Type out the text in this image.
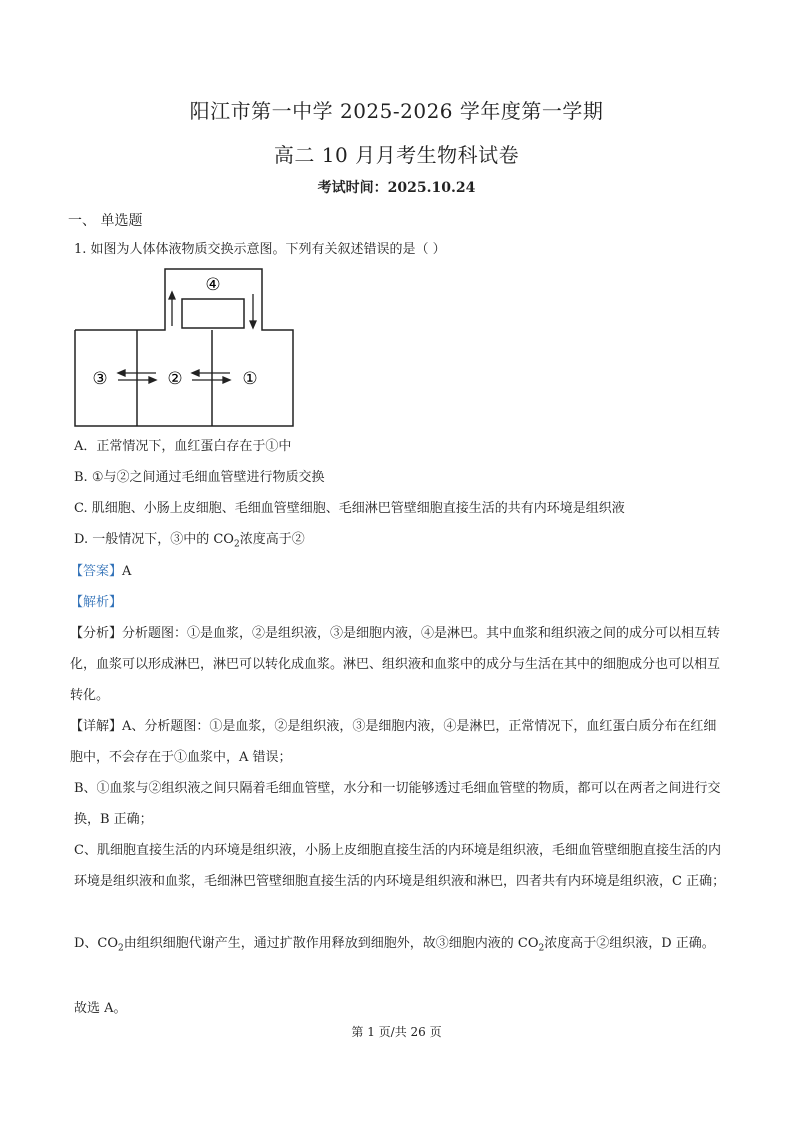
阳江市第一中学 2025-2026 学年度第一学期
高二 10 月月考生物科试卷
考试时间：2025.10.24
一、 单选题
1. 如图为人体体液物质交换示意图。下列有关叙述错误的是（ ）
④
③	②	①
A．正常情况下，血红蛋白存在于①中
B. ①与②之间通过毛细血管壁进行物质交换
C. 肌细胞、小肠上皮细胞、毛细血管壁细胞、毛细淋巴管壁细胞直接生活的共有内环境是组织液
D. 一般情况下，③中的 $CO_2$浓度高于②
【答案】A
【解析】
【分析】分析题图：①是血浆，②是组织液，③是细胞内液，④是淋巴。其中血浆和组织液之间的成分可以相互转化，血浆可以形成淋巴，淋巴可以转化成血浆。淋巴、组织液和血浆中的成分与生活在其中的细胞成分也可以相互转化。
【详解】A、分析题图：①是血浆，②是组织液，③是细胞内液，④是淋巴，正常情况下，血红蛋白质分布在红细胞中，不会存在于①血浆中，A 错误；
B、①血浆与②组织液之间只隔着毛细血管壁，水分和一切能够透过毛细血管壁的物质，都可以在两者之间进行交换，B 正确；
C、肌细胞直接生活的内环境是组织液，小肠上皮细胞直接生活的内环境是组织液，毛细血管壁细胞直接生活的内环境是组织液和血浆，毛细淋巴管壁细胞直接生活的内环境是组织液和淋巴，四者共有内环境是组织液，C 正确；
D、$CO_2$由组织细胞代谢产生，通过扩散作用释放到细胞外，故③细胞内液的 $CO_2$浓度高于②组织液，D 正确。
故选 A。
第 1 页/共 26 页
